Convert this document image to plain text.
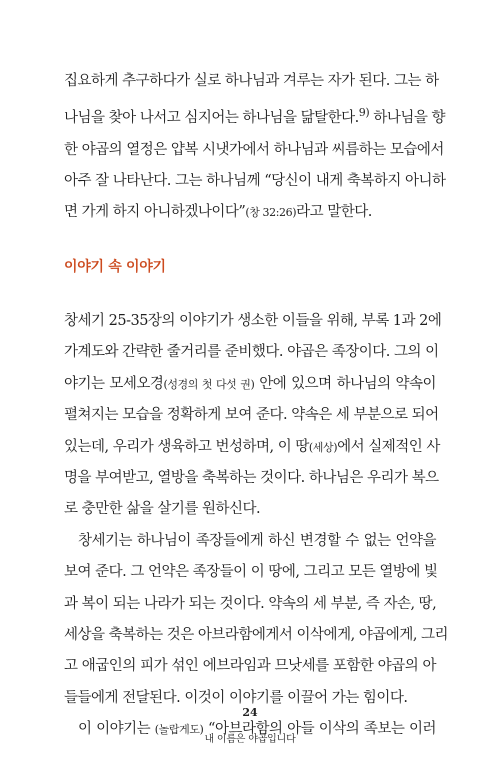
집요하게 추구하다가 실로 하나님과 겨루는 자가 된다. 그는 하

나님을 찾아 나서고 심지어는 하나님을 닮탈한다.$^{9)}$ 하나님을 향

한 야곱의 열정은 얍복 시냇가에서 하나님과 씨름하는 모습에서

아주 잘 나타난다. 그는 하나님께 “당신이 내게 축복하지 아니하

면 가게 하지 아니하겠나이다”(창 32:26)라고 말한다.

이야기 속 이야기

창세기 25-35장의 이야기가 생소한 이들을 위해, 부록 1과 2에

가계도와 간략한 줄거리를 준비했다. 야곱은 족장이다. 그의 이

야기는 모세오경(성경의 첫 다섯 권) 안에 있으며 하나님의 약속이

펼쳐지는 모습을 정확하게 보여 준다. 약속은 세 부분으로 되어

있는데, 우리가 생육하고 번성하며, 이 땅(세상)에서 실제적인 사

명을 부여받고, 열방을 축복하는 것이다. 하나님은 우리가 복으

로 충만한 삶을 살기를 원하신다.

창세기는 하나님이 족장들에게 하신 변경할 수 없는 언약을

보여 준다. 그 언약은 족장들이 이 땅에, 그리고 모든 열방에 빛

과 복이 되는 나라가 되는 것이다. 약속의 세 부분, 즉 자손, 땅,

세상을 축복하는 것은 아브라함에게서 이삭에게, 야곱에게, 그리

고 애굽인의 피가 섞인 에브라임과 므낫세를 포함한 야곱의 아

들들에게 전달된다. 이것이 이야기를 이끌어 가는 힘이다.

이 이야기는 (놀랍게도) “아브라함의 아들 이삭의 족보는 이러

24
내 이름은 야곱입니다
